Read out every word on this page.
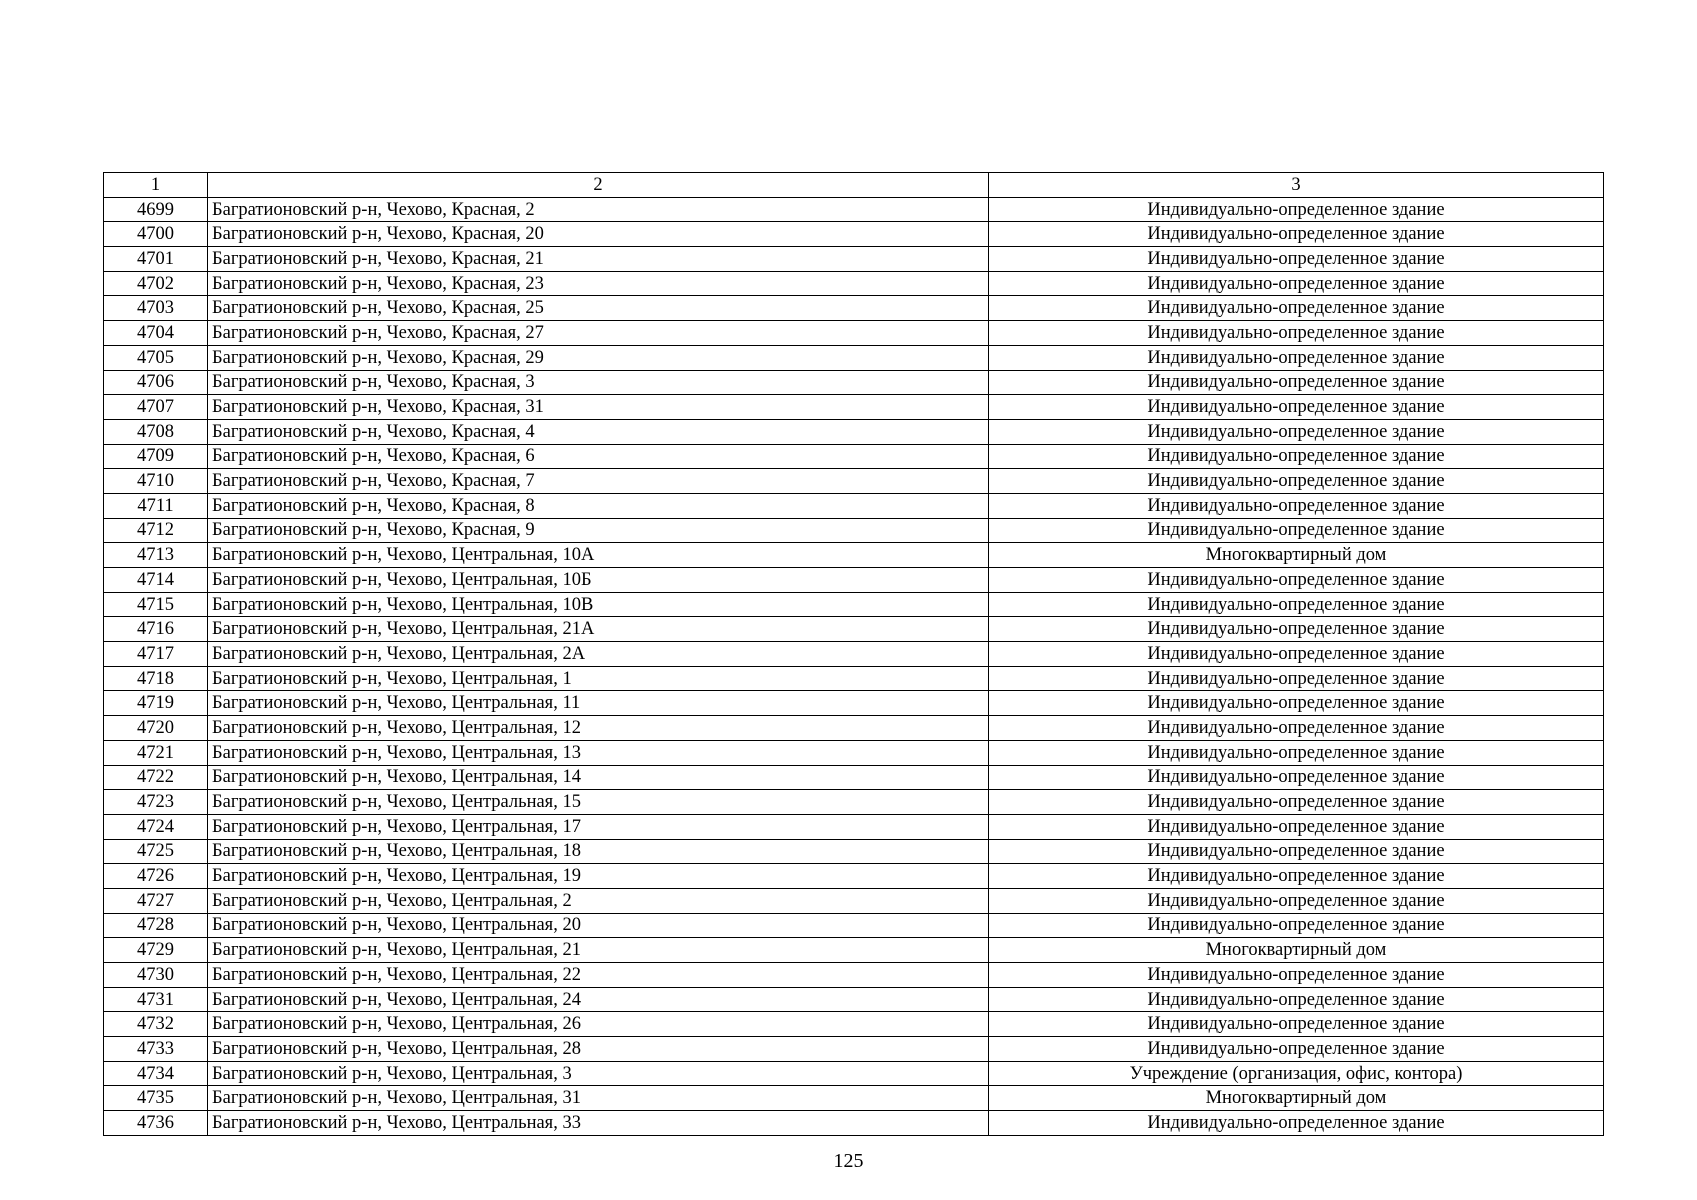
1	2	3
4699	Багратионовский р-н, Чехово, Красная, 2	Индивидуально-определенное здание
4700	Багратионовский р-н, Чехово, Красная, 20	Индивидуально-определенное здание
4701	Багратионовский р-н, Чехово, Красная, 21	Индивидуально-определенное здание
4702	Багратионовский р-н, Чехово, Красная, 23	Индивидуально-определенное здание
4703	Багратионовский р-н, Чехово, Красная, 25	Индивидуально-определенное здание
4704	Багратионовский р-н, Чехово, Красная, 27	Индивидуально-определенное здание
4705	Багратионовский р-н, Чехово, Красная, 29	Индивидуально-определенное здание
4706	Багратионовский р-н, Чехово, Красная, 3	Индивидуально-определенное здание
4707	Багратионовский р-н, Чехово, Красная, 31	Индивидуально-определенное здание
4708	Багратионовский р-н, Чехово, Красная, 4	Индивидуально-определенное здание
4709	Багратионовский р-н, Чехово, Красная, 6	Индивидуально-определенное здание
4710	Багратионовский р-н, Чехово, Красная, 7	Индивидуально-определенное здание
4711	Багратионовский р-н, Чехово, Красная, 8	Индивидуально-определенное здание
4712	Багратионовский р-н, Чехово, Красная, 9	Индивидуально-определенное здание
4713	Багратионовский р-н, Чехово, Центральная, 10А	Многоквартирный дом
4714	Багратионовский р-н, Чехово, Центральная, 10Б	Индивидуально-определенное здание
4715	Багратионовский р-н, Чехово, Центральная, 10В	Индивидуально-определенное здание
4716	Багратионовский р-н, Чехово, Центральная, 21А	Индивидуально-определенное здание
4717	Багратионовский р-н, Чехово, Центральная, 2А	Индивидуально-определенное здание
4718	Багратионовский р-н, Чехово, Центральная, 1	Индивидуально-определенное здание
4719	Багратионовский р-н, Чехово, Центральная, 11	Индивидуально-определенное здание
4720	Багратионовский р-н, Чехово, Центральная, 12	Индивидуально-определенное здание
4721	Багратионовский р-н, Чехово, Центральная, 13	Индивидуально-определенное здание
4722	Багратионовский р-н, Чехово, Центральная, 14	Индивидуально-определенное здание
4723	Багратионовский р-н, Чехово, Центральная, 15	Индивидуально-определенное здание
4724	Багратионовский р-н, Чехово, Центральная, 17	Индивидуально-определенное здание
4725	Багратионовский р-н, Чехово, Центральная, 18	Индивидуально-определенное здание
4726	Багратионовский р-н, Чехово, Центральная, 19	Индивидуально-определенное здание
4727	Багратионовский р-н, Чехово, Центральная, 2	Индивидуально-определенное здание
4728	Багратионовский р-н, Чехово, Центральная, 20	Индивидуально-определенное здание
4729	Багратионовский р-н, Чехово, Центральная, 21	Многоквартирный дом
4730	Багратионовский р-н, Чехово, Центральная, 22	Индивидуально-определенное здание
4731	Багратионовский р-н, Чехово, Центральная, 24	Индивидуально-определенное здание
4732	Багратионовский р-н, Чехово, Центральная, 26	Индивидуально-определенное здание
4733	Багратионовский р-н, Чехово, Центральная, 28	Индивидуально-определенное здание
4734	Багратионовский р-н, Чехово, Центральная, 3	Учреждение (организация, офис, контора)
4735	Багратионовский р-н, Чехово, Центральная, 31	Многоквартирный дом
4736	Багратионовский р-н, Чехово, Центральная, 33	Индивидуально-определенное здание
125
